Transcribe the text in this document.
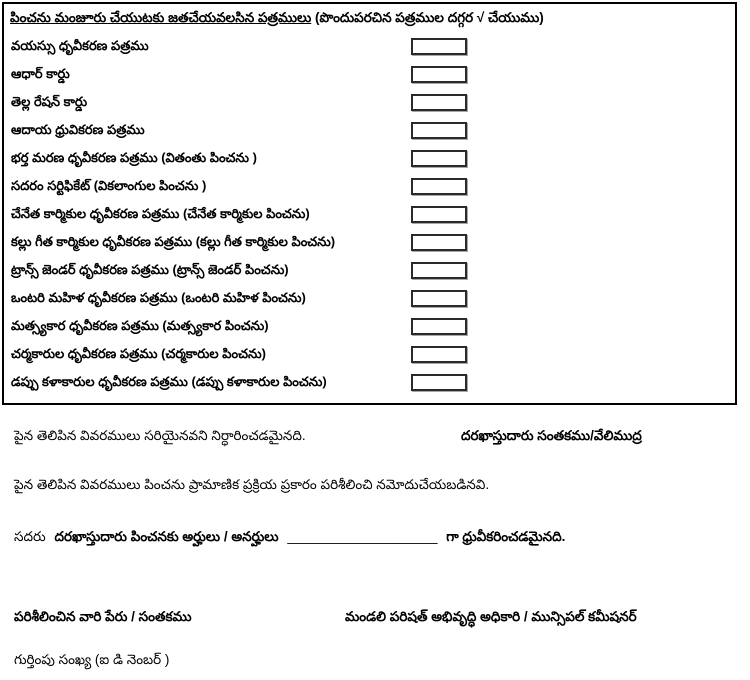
పించను మంజూరు చేయుటకు జతచేయవలసిన పత్రములు (పొందుపరచిన పత్రముల దగ్గర √ చేయుము)
వయస్సు ధృవీకరణ పత్రము
ఆధార్ కార్డు
తెల్ల రేషన్ కార్డు
ఆదాయ ధ్రువికరణ పత్రము
భర్త మరణ ధృవీకరణ పత్రము (వితంతు పించను )
సదరం సర్టిఫికేట్ (వికలాంగుల పించను )
చేనేత కార్మికుల ధృవీకరణ పత్రము (చేనేత కార్మికుల పించను)
కల్లు గీత కార్మికుల ధృవీకరణ పత్రము (కల్లు గీత కార్మికుల పించను)
ట్రాన్స్ జెండర్ ధృవీకరణ పత్రము (ట్రాన్స్ జెండర్ పించను)
ఒంటరి మహిళ ధృవీకరణ పత్రము (ఒంటరి మహిళ పించను)
మత్స్యకార ధృవీకరణ పత్రము (మత్స్యకార పించను)
చర్మకారుల ధృవీకరణ పత్రము (చర్మకారుల పించను)
డప్పు కళాకారుల ధృవీకరణ పత్రము (డప్పు కళాకారుల పించను)
పైన తెలిపిన వివరములు సరియైనవని నిర్ధారించడమైనది.	దరఖాస్తుదారు సంతకము/వేలిముద్ర
పైన తెలిపిన వివరములు పించను ప్రామాణిక ప్రక్రియ ప్రకారం పరిశీలించి నమోదుచేయబడినవి.
సదరు దరఖాస్తుదారు పించనకు అర్హులు / అనర్హులు ____________________ గా ధ్రువీకరించడమైనది.
పరిశీలించిన వారి పేరు / సంతకము	మండలి పరిషత్ అభివృద్ధి అధికారి / మున్సిపల్ కమీషనర్
గుర్తింపు సంఖ్య (ఐ డి నెంబర్ )
